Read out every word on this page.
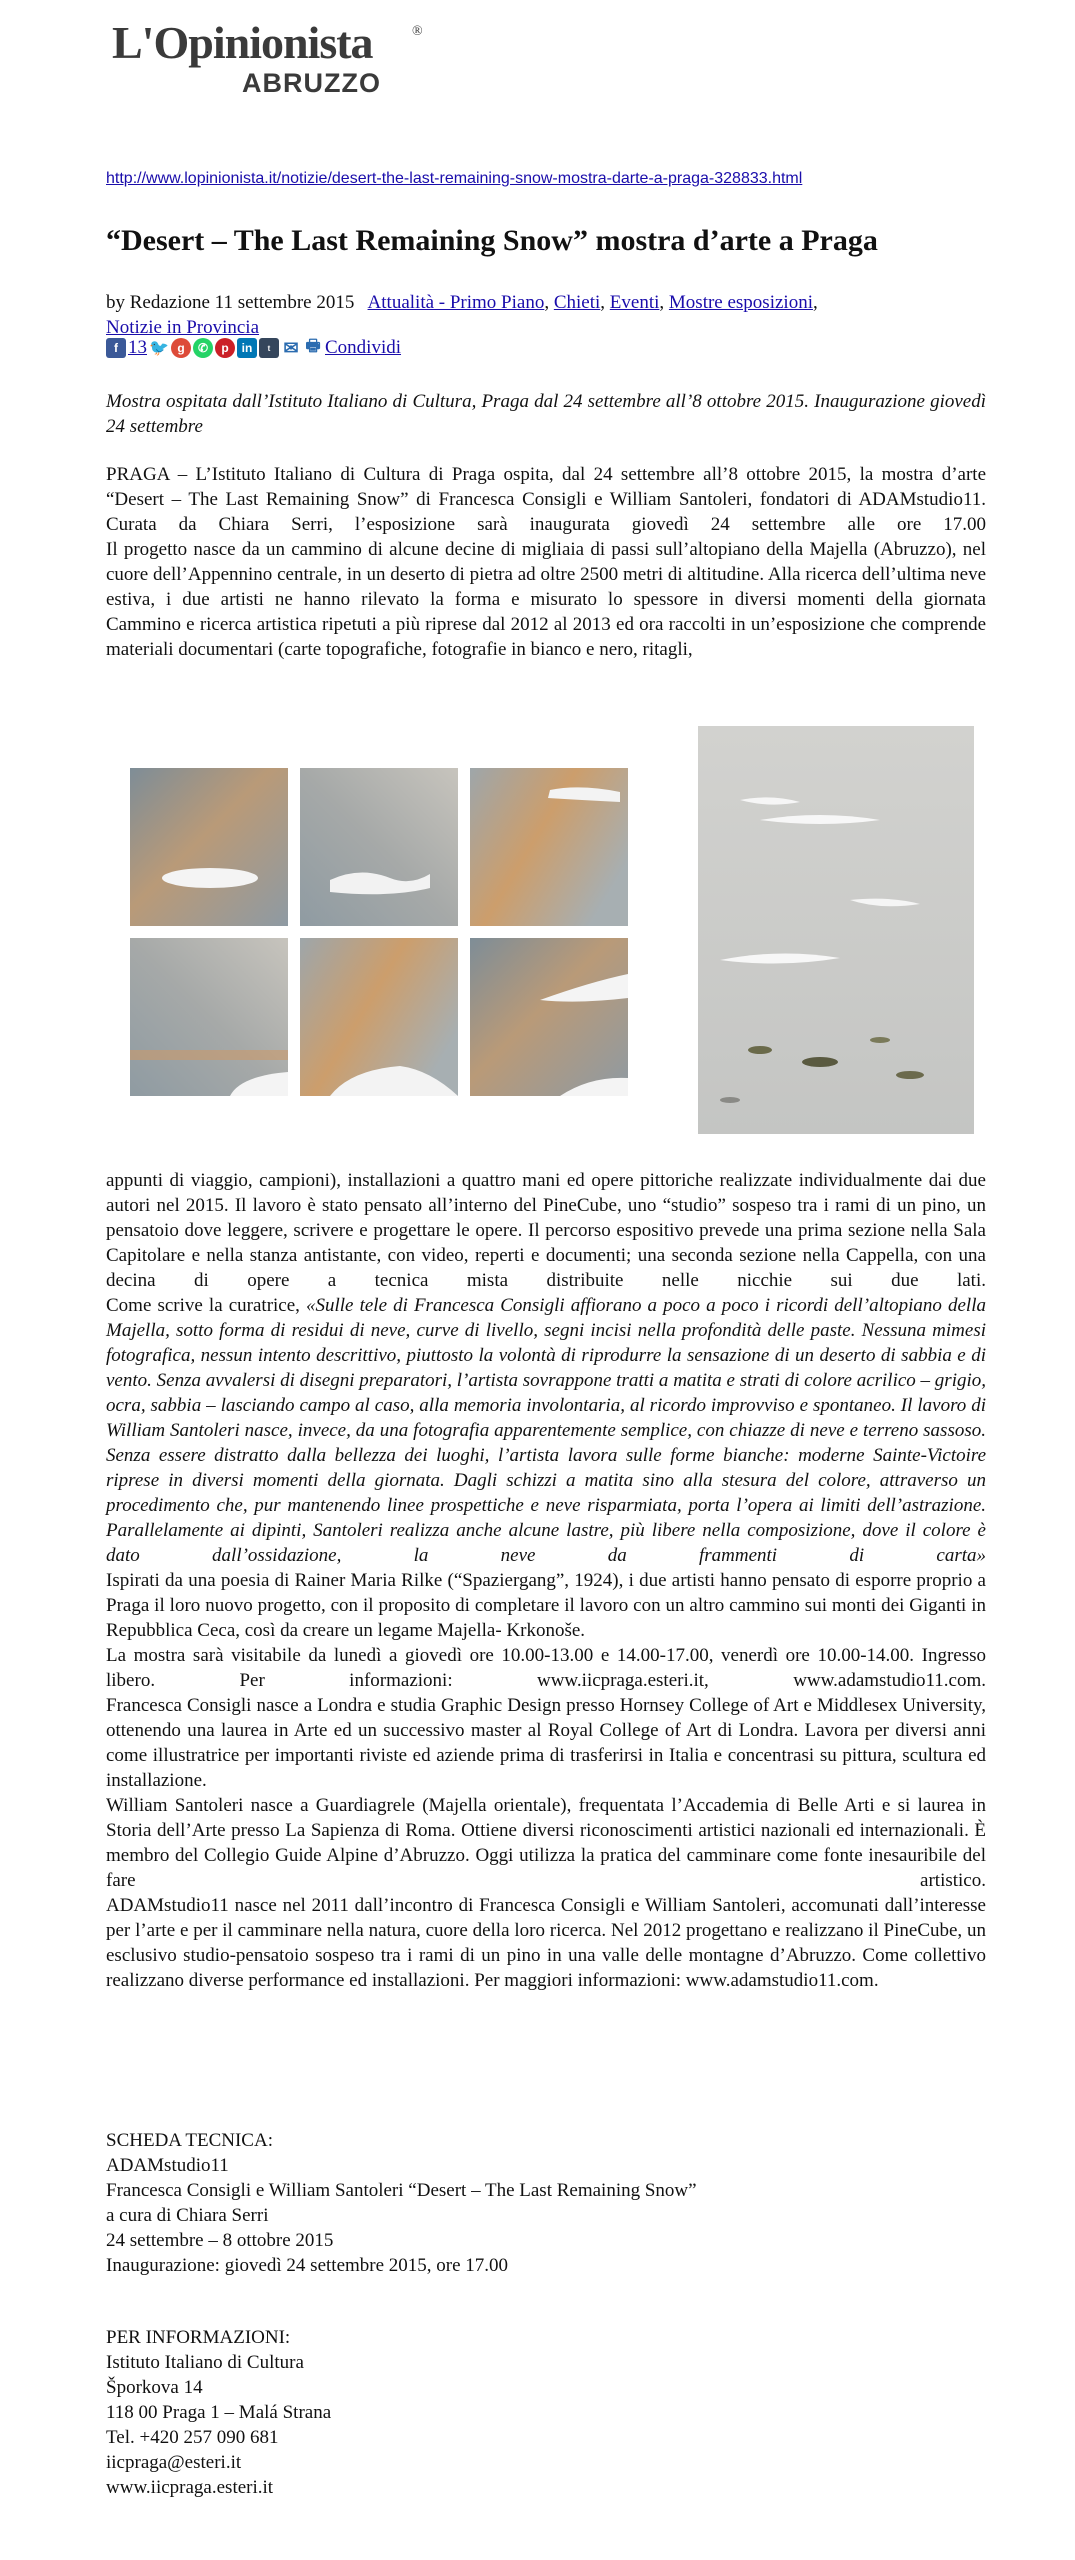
L'Opinionista	®
ABRUZZO
http://www.lopinionista.it/notizie/desert-the-last-remaining-snow-mostra-darte-a-praga-328833.html
“Desert – The Last Remaining Snow” mostra d’arte a Praga
by Redazione 11 settembre 2015 Attualità - Primo Piano, Chieti, Eventi, Mostre esposizioni,
Notizie in Provincia
f 13 🐦 g	✆	p	in	t ✉ 🖶 Condividi
Mostra ospitata dall’Istituto Italiano di Cultura, Praga dal 24 settembre all’8 ottobre 2015. Inaugurazione giovedì 24 settembre

PRAGA – L’Istituto Italiano di Cultura di Praga ospita, dal 24 settembre all’8 ottobre 2015, la mostra d’arte “Desert – The Last Remaining Snow” di Francesca Consigli e William Santoleri, fondatori di ADAMstudio11. Curata da Chiara Serri, l’esposizione sarà inaugurata giovedì 24 settembre alle ore 17.00

Il progetto nasce da un cammino di alcune decine di migliaia di passi sull’altopiano della Majella (Abruzzo), nel cuore dell’Appennino centrale, in un deserto di pietra ad oltre 2500 metri di altitudine. Alla ricerca dell’ultima neve estiva, i due artisti ne hanno rilevato la forma e misurato lo spessore in diversi momenti della giornata

Cammino e ricerca artistica ripetuti a più riprese dal 2012 al 2013 ed ora raccolti in un’esposizione che comprende materiali documentari (carte topografiche, fotografie in bianco e nero, ritagli,

appunti di viaggio, campioni), installazioni a quattro mani ed opere pittoriche realizzate individualmente dai due autori nel 2015. Il lavoro è stato pensato all’interno del PineCube, uno “studio” sospeso tra i rami di un pino, un pensatoio dove leggere, scrivere e progettare le opere. Il percorso espositivo prevede una prima sezione nella Sala Capitolare e nella stanza antistante, con video, reperti e documenti; una seconda sezione nella Cappella, con una decina di opere a tecnica mista distribuite nelle nicchie sui due lati.

Come scrive la curatrice, «Sulle tele di Francesca Consigli affiorano a poco a poco i ricordi dell’altopiano della Majella, sotto forma di residui di neve, curve di livello, segni incisi nella profondità delle paste. Nessuna mimesi fotografica, nessun intento descrittivo, piuttosto la volontà di riprodurre la sensazione di un deserto di sabbia e di vento. Senza avvalersi di disegni preparatori, l’artista sovrappone tratti a matita e strati di colore acrilico – grigio, ocra, sabbia – lasciando campo al caso, alla memoria involontaria, al ricordo improvviso e spontaneo. Il lavoro di William Santoleri nasce, invece, da una fotografia apparentemente semplice, con chiazze di neve e terreno sassoso. Senza essere distratto dalla bellezza dei luoghi, l’artista lavora sulle forme bianche: moderne Sainte-Victoire riprese in diversi momenti della giornata. Dagli schizzi a matita sino alla stesura del colore, attraverso un procedimento che, pur mantenendo linee prospettiche e neve risparmiata, porta l’opera ai limiti dell’astrazione. Parallelamente ai dipinti, Santoleri realizza anche alcune lastre, più libere nella composizione, dove il colore è dato dall’ossidazione, la neve da frammenti di carta»

Ispirati da una poesia di Rainer Maria Rilke (“Spaziergang”, 1924), i due artisti hanno pensato di esporre proprio a Praga il loro nuovo progetto, con il proposito di completare il lavoro con un altro cammino sui monti dei Giganti in Repubblica Ceca, così da creare un legame Majella- Krkonoše.

La mostra sarà visitabile da lunedì a giovedì ore 10.00-13.00 e 14.00-17.00, venerdì ore 10.00-14.00. Ingresso libero. Per informazioni: www.iicpraga.esteri.it, www.adamstudio11.com.

Francesca Consigli nasce a Londra e studia Graphic Design presso Hornsey College of Art e Middlesex University, ottenendo una laurea in Arte ed un successivo master al Royal College of Art di Londra. Lavora per diversi anni come illustratrice per importanti riviste ed aziende prima di trasferirsi in Italia e concentrasi su pittura, scultura ed installazione.

William Santoleri nasce a Guardiagrele (Majella orientale), frequentata l’Accademia di Belle Arti e si laurea in Storia dell’Arte presso La Sapienza di Roma. Ottiene diversi riconoscimenti artistici nazionali ed internazionali. È membro del Collegio Guide Alpine d’Abruzzo. Oggi utilizza la pratica del camminare come fonte inesauribile del fare artistico.

ADAMstudio11 nasce nel 2011 dall’incontro di Francesca Consigli e William Santoleri, accomunati dall’interesse per l’arte e per il camminare nella natura, cuore della loro ricerca. Nel 2012 progettano e realizzano il PineCube, un esclusivo studio-pensatoio sospeso tra i rami di un pino in una valle delle montagne d’Abruzzo. Come collettivo realizzano diverse performance ed installazioni. Per maggiori informazioni: www.adamstudio11.com.

SCHEDA TECNICA:
ADAMstudio11
Francesca Consigli e William Santoleri “Desert – The Last Remaining Snow”
a cura di Chiara Serri
24 settembre – 8 ottobre 2015
Inaugurazione: giovedì 24 settembre 2015, ore 17.00
PER INFORMAZIONI:
Istituto Italiano di Cultura
Šporkova 14
118 00 Praga 1 – Malá Strana
Tel. +420 257 090 681
iicpraga@esteri.it
www.iicpraga.esteri.it
